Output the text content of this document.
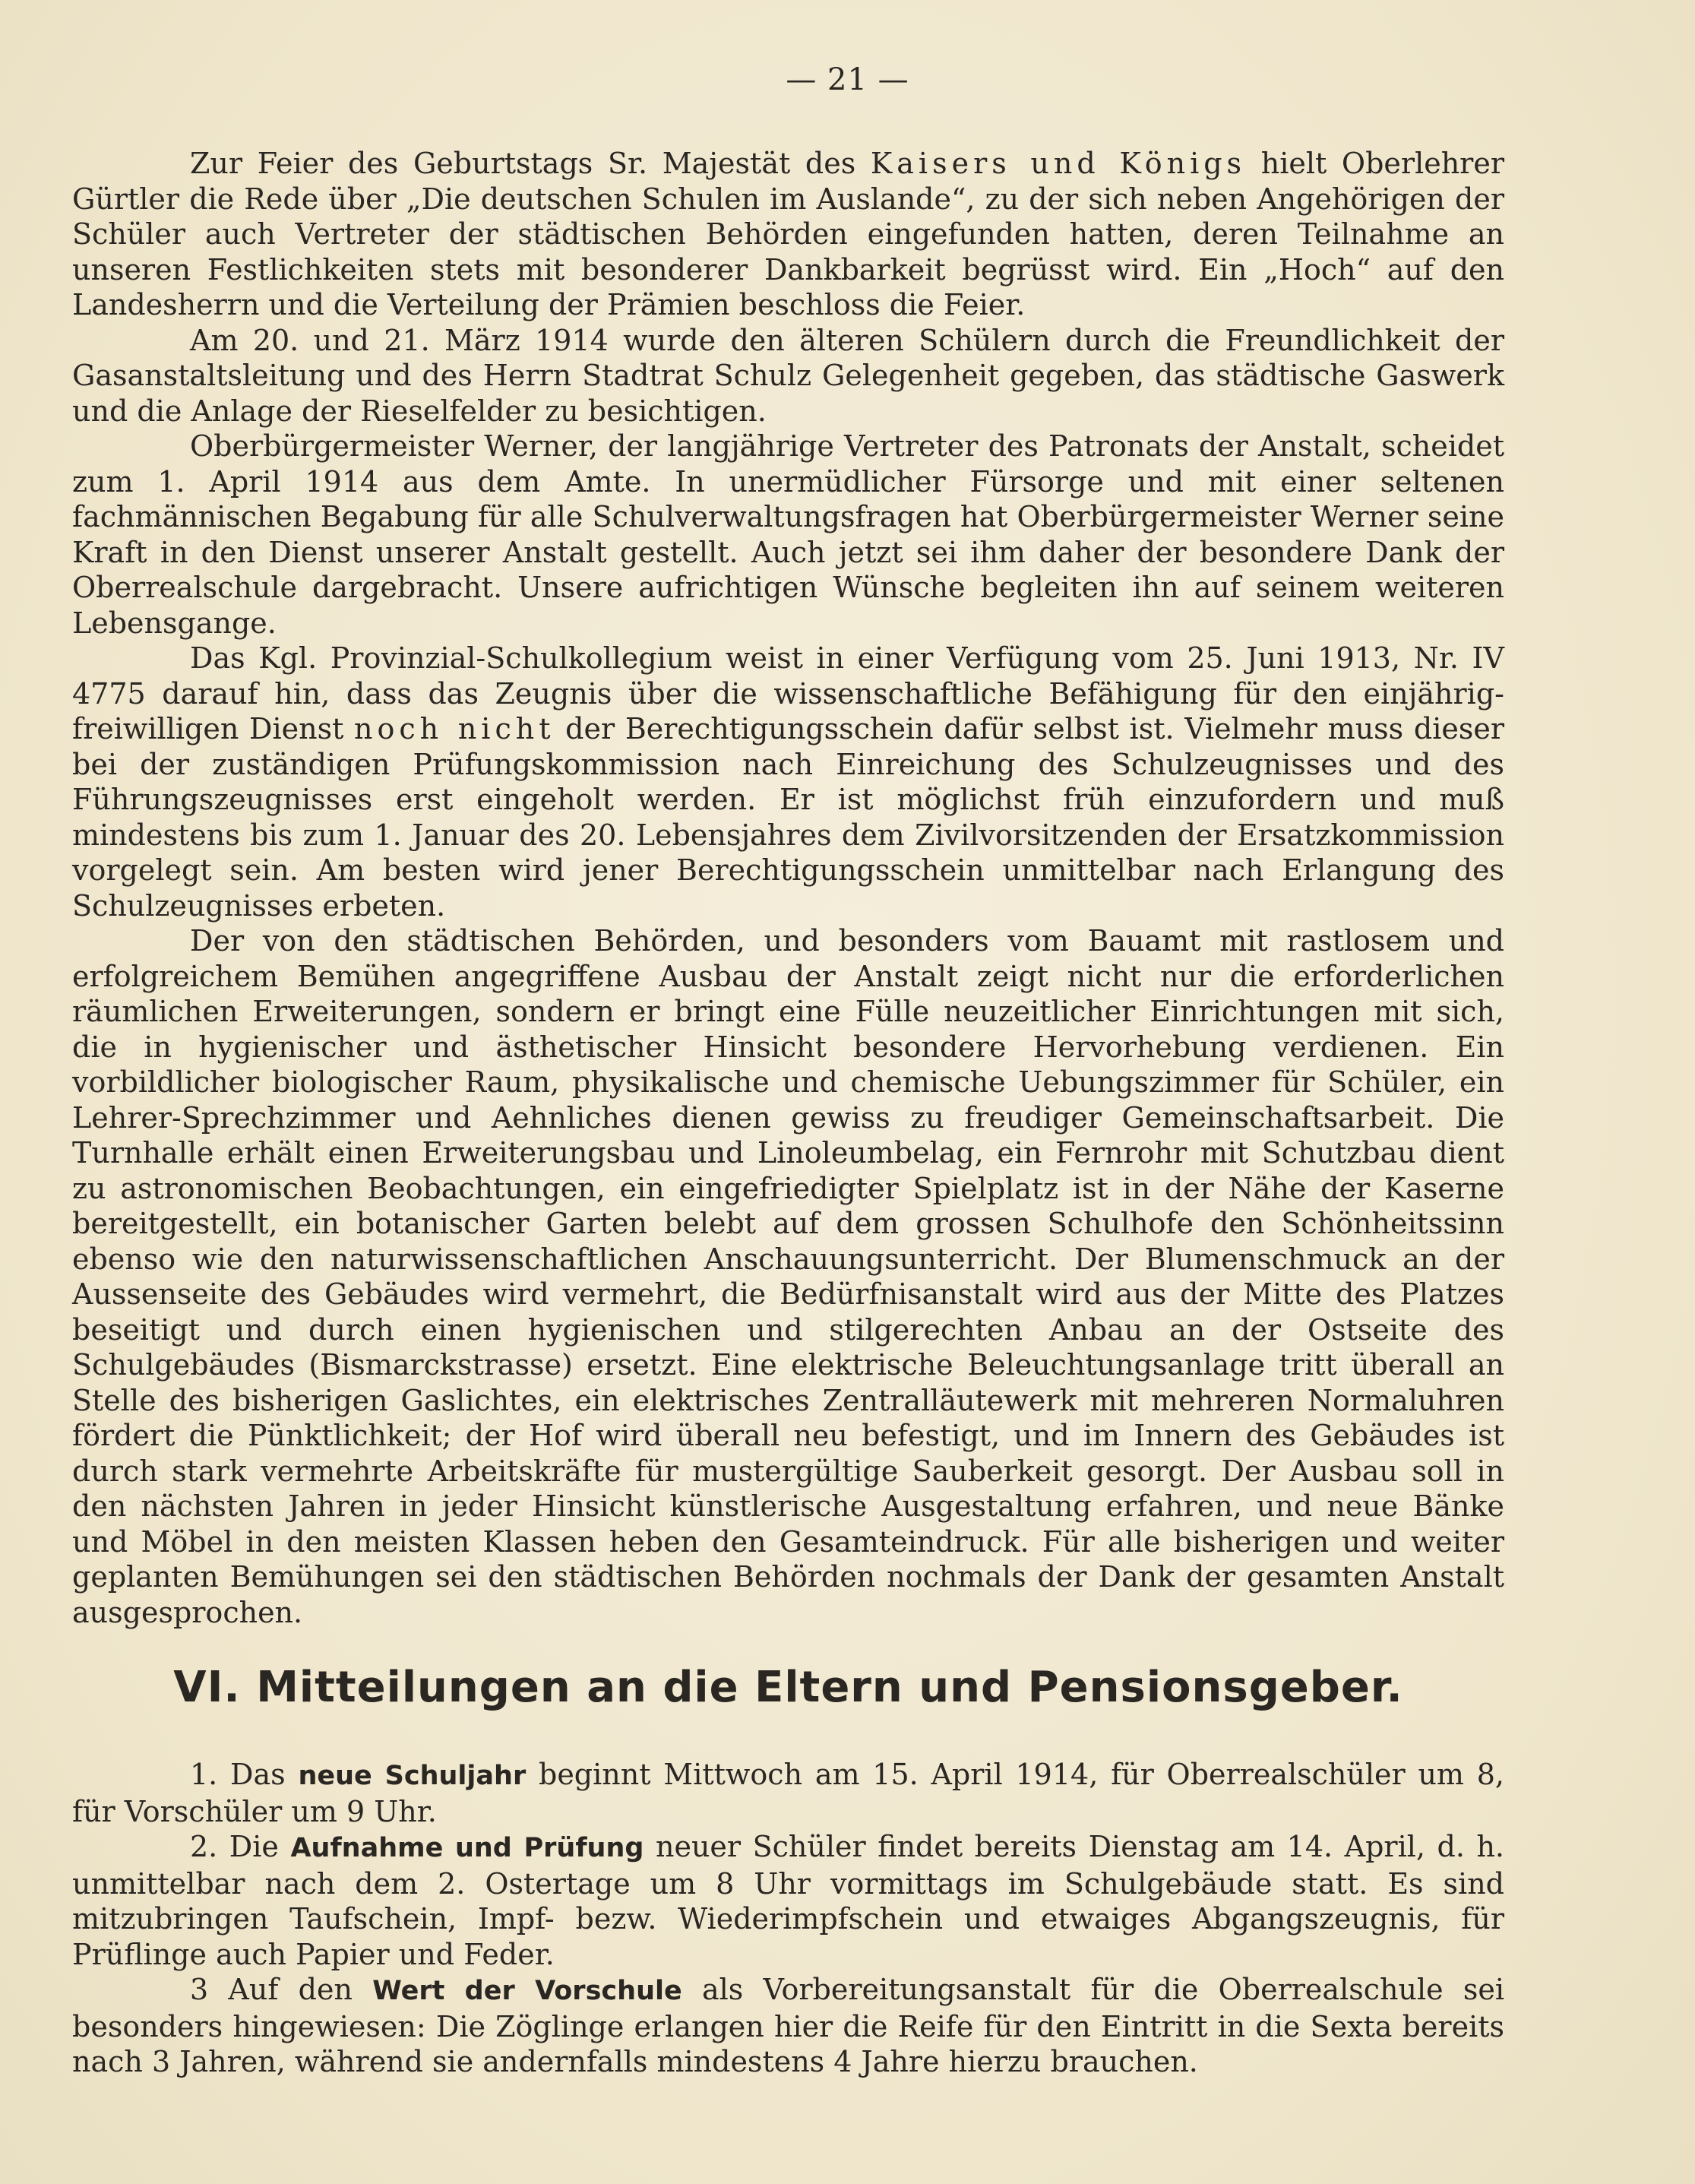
— 21 —

Zur Feier des Geburtstags Sr. Majestät des Kaisers und Königs hielt Oberlehrer Gürtler die Rede über „Die deutschen Schulen im Auslande“, zu der sich neben Angehörigen der Schüler auch Vertreter der städtischen Behörden eingefunden hatten, deren Teilnahme an unseren Festlichkeiten stets mit besonderer Dankbarkeit begrüsst wird. Ein „Hoch“ auf den Landesherrn und die Verteilung der Prämien beschloss die Feier.

Am 20. und 21. März 1914 wurde den älteren Schülern durch die Freundlichkeit der Gasanstaltsleitung und des Herrn Stadtrat Schulz Gelegenheit gegeben, das städtische Gaswerk und die Anlage der Rieselfelder zu besichtigen.

Oberbürgermeister Werner, der langjährige Vertreter des Patronats der Anstalt, scheidet zum 1. April 1914 aus dem Amte. In unermüdlicher Fürsorge und mit einer seltenen fachmännischen Begabung für alle Schulverwaltungsfragen hat Oberbürgermeister Werner seine Kraft in den Dienst unserer Anstalt gestellt. Auch jetzt sei ihm daher der besondere Dank der Oberrealschule dargebracht. Unsere aufrichtigen Wünsche begleiten ihn auf seinem weiteren Lebensgange.

Das Kgl. Provinzial-Schulkollegium weist in einer Verfügung vom 25. Juni 1913, Nr. IV 4775 darauf hin, dass das Zeugnis über die wissenschaftliche Befähigung für den einjährig-freiwilligen Dienst noch nicht der Berechtigungsschein dafür selbst ist. Vielmehr muss dieser bei der zuständigen Prüfungskommission nach Einreichung des Schulzeugnisses und des Führungszeugnisses erst eingeholt werden. Er ist möglichst früh einzufordern und muß mindestens bis zum 1. Januar des 20. Lebensjahres dem Zivilvorsitzenden der Ersatzkommission vorgelegt sein. Am besten wird jener Berechtigungsschein unmittelbar nach Erlangung des Schulzeugnisses erbeten.

Der von den städtischen Behörden, und besonders vom Bauamt mit rastlosem und erfolgreichem Bemühen angegriffene Ausbau der Anstalt zeigt nicht nur die erforderlichen räumlichen Erweiterungen, sondern er bringt eine Fülle neuzeitlicher Einrichtungen mit sich, die in hygienischer und ästhetischer Hinsicht besondere Hervorhebung verdienen. Ein vorbildlicher biologischer Raum, physikalische und chemische Uebungszimmer für Schüler, ein Lehrer-Sprechzimmer und Aehnliches dienen gewiss zu freudiger Gemeinschaftsarbeit. Die Turnhalle erhält einen Erweiterungsbau und Linoleumbelag, ein Fernrohr mit Schutzbau dient zu astronomischen Beobachtungen, ein eingefriedigter Spielplatz ist in der Nähe der Kaserne bereitgestellt, ein botanischer Garten belebt auf dem grossen Schulhofe den Schönheitssinn ebenso wie den naturwissenschaftlichen Anschauungsunterricht. Der Blumenschmuck an der Aussenseite des Gebäudes wird vermehrt, die Bedürfnisanstalt wird aus der Mitte des Platzes beseitigt und durch einen hygienischen und stilgerechten Anbau an der Ostseite des Schulgebäudes (Bismarckstrasse) ersetzt. Eine elektrische Beleuchtungsanlage tritt überall an Stelle des bisherigen Gaslichtes, ein elektrisches Zentralläutewerk mit mehreren Normaluhren fördert die Pünktlichkeit; der Hof wird überall neu befestigt, und im Innern des Gebäudes ist durch stark vermehrte Arbeitskräfte für mustergültige Sauberkeit gesorgt. Der Ausbau soll in den nächsten Jahren in jeder Hinsicht künstlerische Ausgestaltung erfahren, und neue Bänke und Möbel in den meisten Klassen heben den Gesamteindruck. Für alle bisherigen und weiter geplanten Bemühungen sei den städtischen Behörden nochmals der Dank der gesamten Anstalt ausgesprochen.

VI. Mitteilungen an die Eltern und Pensionsgeber.

1. Das neue Schuljahr beginnt Mittwoch am 15. April 1914, für Oberrealschüler um 8, für Vorschüler um 9 Uhr.

2. Die Aufnahme und Prüfung neuer Schüler findet bereits Dienstag am 14. April, d. h. unmittelbar nach dem 2. Ostertage um 8 Uhr vormittags im Schulgebäude statt. Es sind mitzubringen Taufschein, Impf- bezw. Wiederimpfschein und etwaiges Abgangszeugnis, für Prüflinge auch Papier und Feder.

3 Auf den Wert der Vorschule als Vorbereitungsanstalt für die Oberrealschule sei besonders hingewiesen: Die Zöglinge erlangen hier die Reife für den Eintritt in die Sexta bereits nach 3 Jahren, während sie andernfalls mindestens 4 Jahre hierzu brauchen.
